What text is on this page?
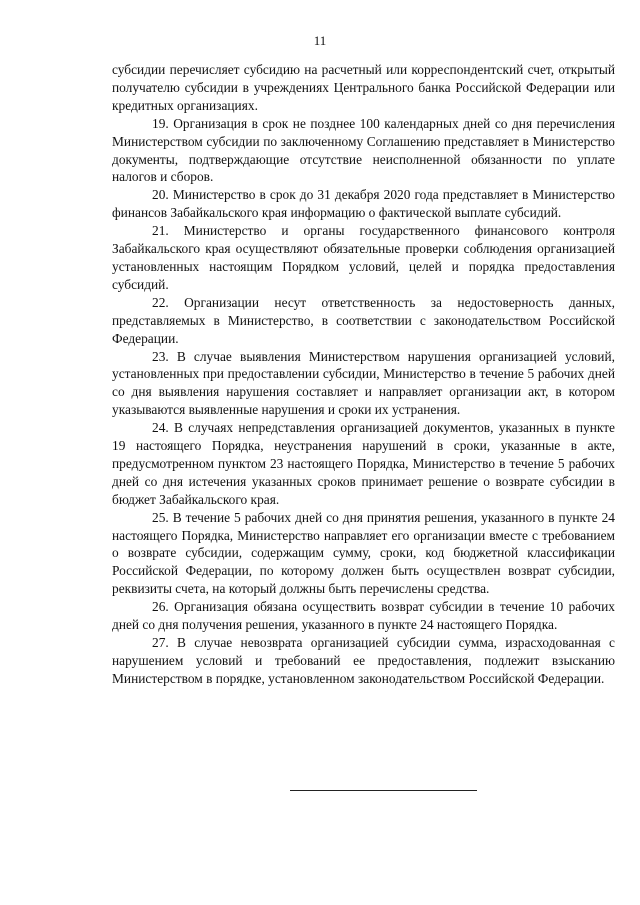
11

субсидии перечисляет субсидию на расчетный или корреспондентский счет, открытый получателю субсидии в учреждениях Центрального банка Российской Федерации или кредитных организациях.

19. Организация в срок не позднее 100 календарных дней со дня перечисления Министерством субсидии по заключенному Соглашению представляет в Министерство документы, подтверждающие отсутствие неисполненной обязанности по уплате налогов и сборов.

20. Министерство в срок до 31 декабря 2020 года представляет в Министерство финансов Забайкальского края информацию о фактической выплате субсидий.

21. Министерство и органы государственного финансового контроля Забайкальского края осуществляют обязательные проверки соблюдения организацией установленных настоящим Порядком условий, целей и порядка предоставления субсидий.

22. Организации несут ответственность за недостоверность данных, представляемых в Министерство, в соответствии с законодательством Российской Федерации.

23. В случае выявления Министерством нарушения организацией условий, установленных при предоставлении субсидии, Министерство в течение 5 рабочих дней со дня выявления нарушения составляет и направляет организации акт, в котором указываются выявленные нарушения и сроки их устранения.

24. В случаях непредставления организацией документов, указанных в пункте 19 настоящего Порядка, неустранения нарушений в сроки, указанные в акте, предусмотренном пунктом 23 настоящего Порядка, Министерство в течение 5 рабочих дней со дня истечения указанных сроков принимает решение о возврате субсидии в бюджет Забайкальского края.

25. В течение 5 рабочих дней со дня принятия решения, указанного в пункте 24 настоящего Порядка, Министерство направляет его организации вместе с требованием о возврате субсидии, содержащим сумму, сроки, код бюджетной классификации Российской Федерации, по которому должен быть осуществлен возврат субсидии, реквизиты счета, на который должны быть перечислены средства.

26. Организация обязана осуществить возврат субсидии в течение 10 рабочих дней со дня получения решения, указанного в пункте 24 настоящего Порядка.

27. В случае невозврата организацией субсидии сумма, израсходованная с нарушением условий и требований ее предоставления, подлежит взысканию Министерством в порядке, установленном законодательством Российской Федерации.
